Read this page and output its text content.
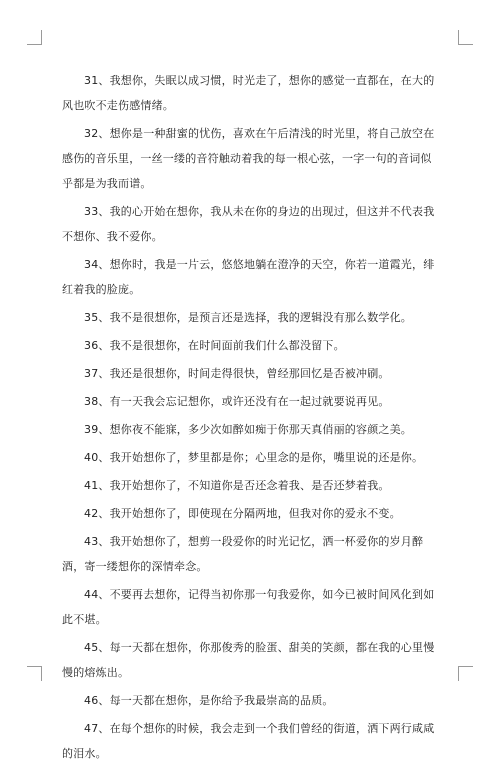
31、我想你，失眠以成习惯，时光走了，想你的感觉一直都在，在大的风也吹不走伤感情绪。

32、想你是一种甜蜜的忧伤，喜欢在午后清浅的时光里，将自己放空在感伤的音乐里，一丝一缕的音符触动着我的每一根心弦，一字一句的音词似乎都是为我而谱。

33、我的心开始在想你，我从未在你的身边的出现过，但这并不代表我不想你、我不爱你。

34、想你时，我是一片云，悠悠地躺在澄净的天空，你若一道霞光，绯红着我的脸庞。

35、我不是很想你，是预言还是选择，我的逻辑没有那么数学化。

36、我不是很想你，在时间面前我们什么都没留下。

37、我还是很想你，时间走得很快，曾经那回忆是否被冲刷。

38、有一天我会忘记想你，或许还没有在一起过就要说再见。

39、想你夜不能寐，多少次如醉如痴于你那天真俏丽的容颜之美。

40、我开始想你了，梦里都是你；心里念的是你，嘴里说的还是你。

41、我开始想你了，不知道你是否还念着我、是否还梦着我。

42、我开始想你了，即使现在分隔两地，但我对你的爱永不变。

43、我开始想你了，想剪一段爱你的时光记忆，洒一杯爱你的岁月醉酒，寄一缕想你的深情牵念。

44、不要再去想你，记得当初你那一句我爱你，如今已被时间风化到如此不堪。

45、每一天都在想你，你那俊秀的脸蛋、甜美的笑颜，都在我的心里慢慢的熔炼出。

46、每一天都在想你，是你给予我最崇高的品质。

47、在每个想你的时候，我会走到一个我们曾经的街道，洒下两行咸咸的泪水。
